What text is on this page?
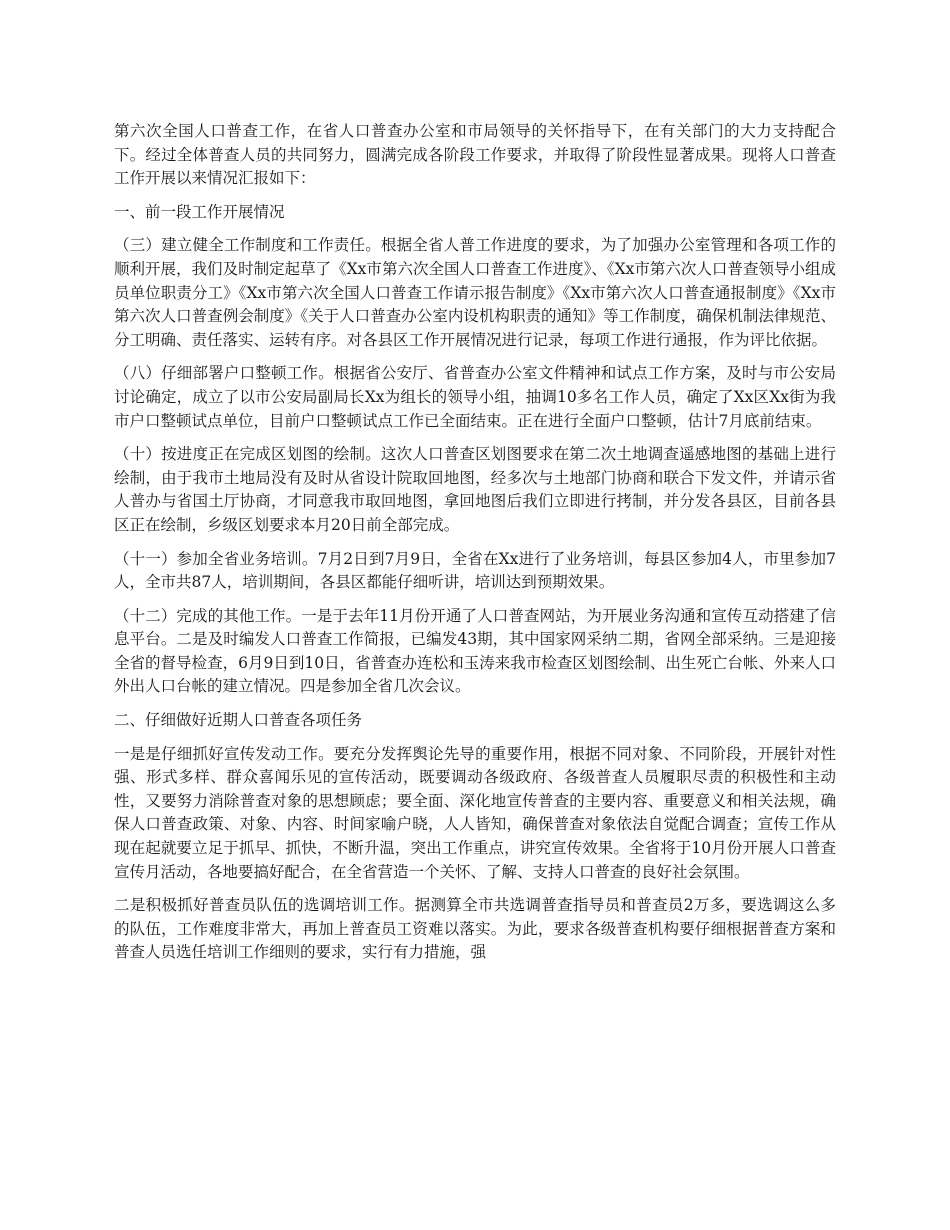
第六次全国人口普查工作，在省人口普查办公室和市局领导的关怀指导下，在有关部门的大力支持配合下。经过全体普查人员的共同努力，圆满完成各阶段工作要求，并取得了阶段性显著成果。现将人口普查工作开展以来情况汇报如下：

一、前一段工作开展情况

（三）建立健全工作制度和工作责任。根据全省人普工作进度的要求，为了加强办公室管理和各项工作的顺利开展，我们及时制定起草了《Xx市第六次全国人口普查工作进度》、《Xx市第六次人口普查领导小组成员单位职责分工》《Xx市第六次全国人口普查工作请示报告制度》《Xx市第六次人口普查通报制度》《Xx市第六次人口普查例会制度》《关于人口普查办公室内设机构职责的通知》等工作制度，确保机制法律规范、分工明确、责任落实、运转有序。对各县区工作开展情况进行记录，每项工作进行通报，作为评比依据。

（八）仔细部署户口整顿工作。根据省公安厅、省普查办公室文件精神和试点工作方案，及时与市公安局讨论确定，成立了以市公安局副局长Xx为组长的领导小组，抽调10多名工作人员，确定了Xx区Xx街为我市户口整顿试点单位，目前户口整顿试点工作已全面结束。正在进行全面户口整顿，估计7月底前结束。

（十）按进度正在完成区划图的绘制。这次人口普查区划图要求在第二次土地调查遥感地图的基础上进行绘制，由于我市土地局没有及时从省设计院取回地图，经多次与土地部门协商和联合下发文件，并请示省人普办与省国土厅协商，才同意我市取回地图，拿回地图后我们立即进行拷制，并分发各县区，目前各县区正在绘制，乡级区划要求本月20日前全部完成。

（十一）参加全省业务培训。7月2日到7月9日，全省在Xx进行了业务培训，每县区参加4人，市里参加7人，全市共87人，培训期间，各县区都能仔细听讲，培训达到预期效果。

（十二）完成的其他工作。一是于去年11月份开通了人口普查网站，为开展业务沟通和宣传互动搭建了信息平台。二是及时编发人口普查工作简报，已编发43期，其中国家网采纳二期，省网全部采纳。三是迎接全省的督导检查，6月9日到10日，省普查办连松和玉涛来我市检查区划图绘制、出生死亡台帐、外来人口外出人口台帐的建立情况。四是参加全省几次会议。

二、仔细做好近期人口普查各项任务

一是是仔细抓好宣传发动工作。要充分发挥舆论先导的重要作用，根据不同对象、不同阶段，开展针对性强、形式多样、群众喜闻乐见的宣传活动，既要调动各级政府、各级普查人员履职尽责的积极性和主动性，又要努力消除普查对象的思想顾虑；要全面、深化地宣传普查的主要内容、重要意义和相关法规，确保人口普查政策、对象、内容、时间家喻户晓，人人皆知，确保普查对象依法自觉配合调查；宣传工作从现在起就要立足于抓早、抓快，不断升温，突出工作重点，讲究宣传效果。全省将于10月份开展人口普查宣传月活动，各地要搞好配合，在全省营造一个关怀、了解、支持人口普查的良好社会氛围。

二是积极抓好普查员队伍的选调培训工作。据测算全市共选调普查指导员和普查员2万多，要选调这么多的队伍，工作难度非常大，再加上普查员工资难以落实。为此，要求各级普查机构要仔细根据普查方案和普查人员选任培训工作细则的要求，实行有力措施，强
